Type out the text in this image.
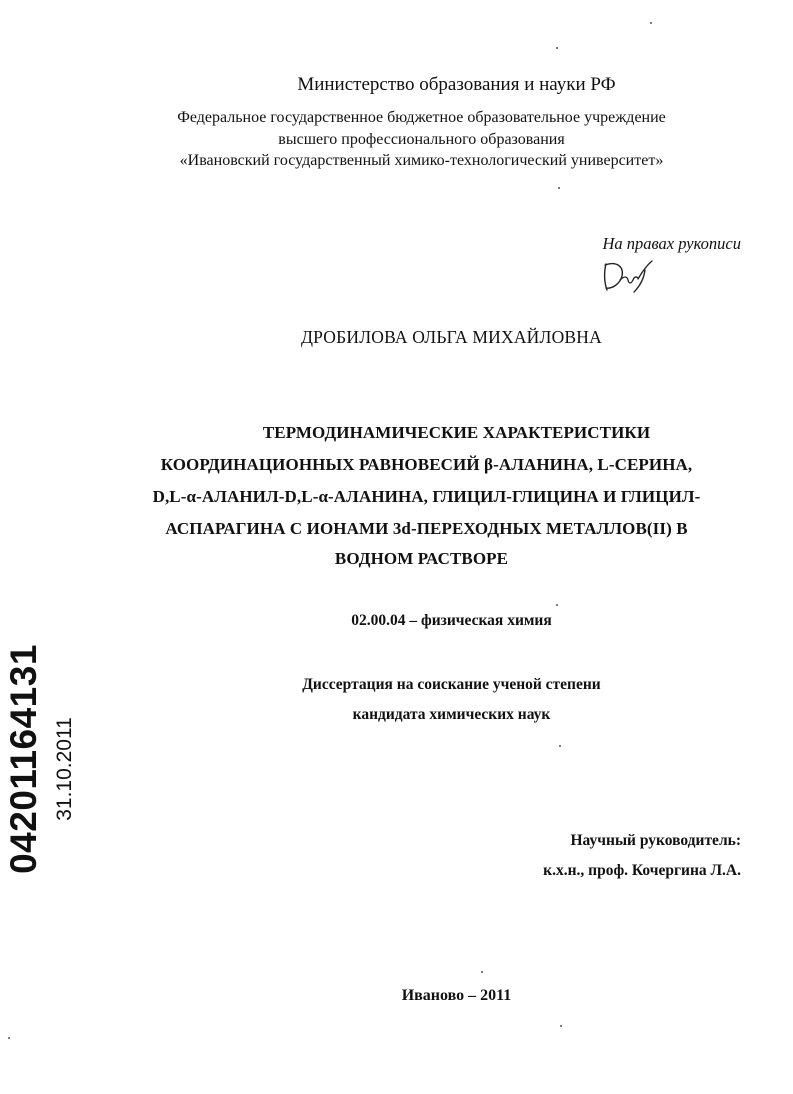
Министерство образования и науки РФ
Федеральное государственное бюджетное образовательное учреждение
высшего профессионального образования
«Ивановский государственный химико-технологический университет»
На правах рукописи
ДРОБИЛОВА ОЛЬГА МИХАЙЛОВНА
ТЕРМОДИНАМИЧЕСКИЕ ХАРАКТЕРИСТИКИ
КООРДИНАЦИОННЫХ РАВНОВЕСИЙ β-АЛАНИНА, L-СЕРИНА,
D,L-α-АЛАНИЛ-D,L-α-АЛАНИНА, ГЛИЦИЛ-ГЛИЦИНА И ГЛИЦИЛ-
АСПАРАГИНА С ИОНАМИ 3d-ПЕРЕХОДНЫХ МЕТАЛЛОВ(II) В
ВОДНОМ РАСТВОРЕ
02.00.04 – физическая химия
Диссертация на соискание ученой степени
кандидата химических наук
Научный руководитель:
к.х.н., проф. Кочергина Л.А.
Иваново – 2011
04201164131 31.10.2011
